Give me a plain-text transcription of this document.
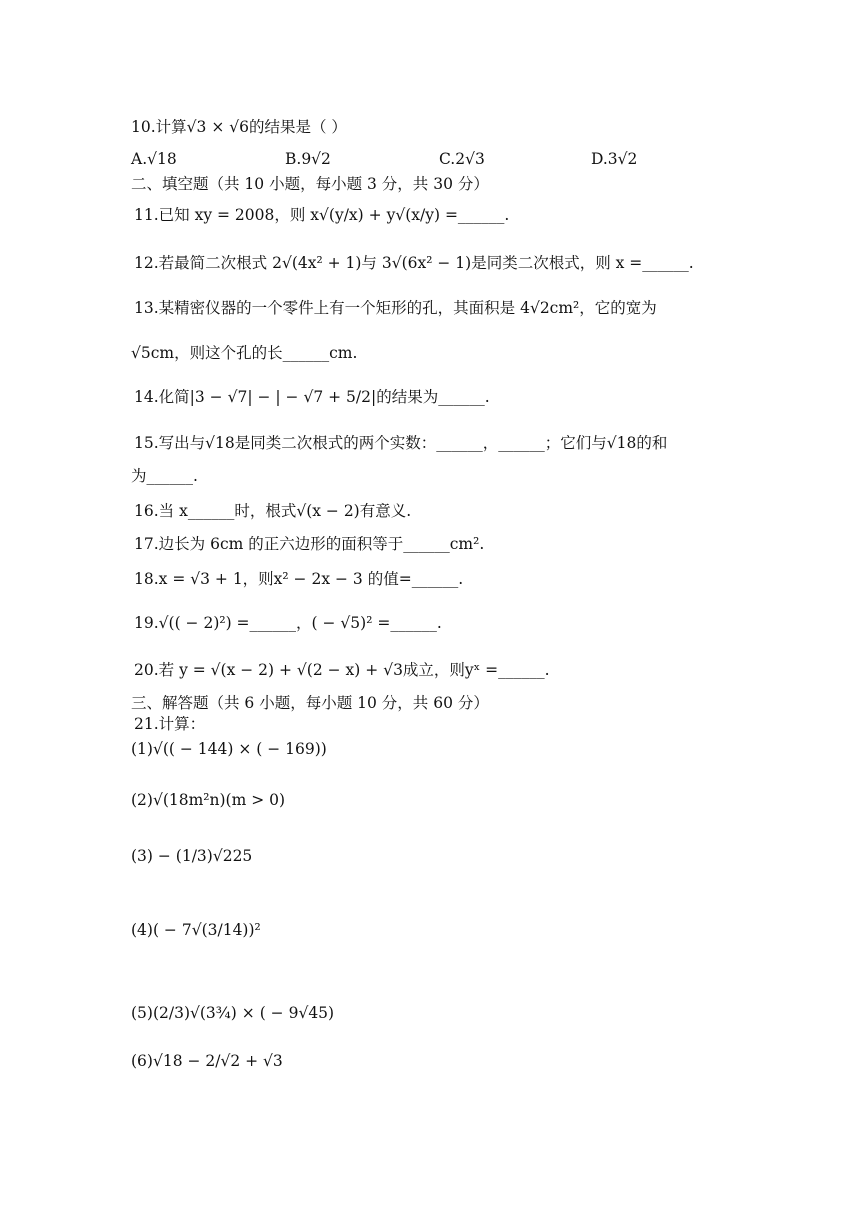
10.计算√3 × √6的结果是（ ）
A.√18	B.9√2	C.2√3	D.3√2
二、填空题（共 10 小题，每小题 3 分，共 30 分）
11.已知 xy = 2008，则 x√(y/x) + y√(x/y) =______.
12.若最简二次根式 2√(4x² + 1)与 3√(6x² − 1)是同类二次根式，则 x =______.
13.某精密仪器的一个零件上有一个矩形的孔，其面积是 4√2cm²，它的宽为
√5cm，则这个孔的长______cm.
14.化简|3 − √7| − | − √7 + 5/2|的结果为______.
15.写出与√18是同类二次根式的两个实数：______，______；它们与√18的和
为______.
16.当 x______时，根式√(x − 2)有意义.
17.边长为 6cm 的正六边形的面积等于______cm².
18.x = √3 + 1，则x² − 2x − 3 的值=______.
19.√(( − 2)²) =______，( − √5)² =______.
20.若 y = √(x − 2) + √(2 − x) + √3成立，则yˣ =______.
三、解答题（共 6 小题，每小题 10 分，共 60 分）
21.计算：
(1)√(( − 144) × ( − 169))
(2)√(18m²n)(m > 0)
(3) − (1/3)√225
(4)( − 7√(3/14))²
(5)(2/3)√(3¾) × ( − 9√45)
(6)√18 − 2/√2 + √3
